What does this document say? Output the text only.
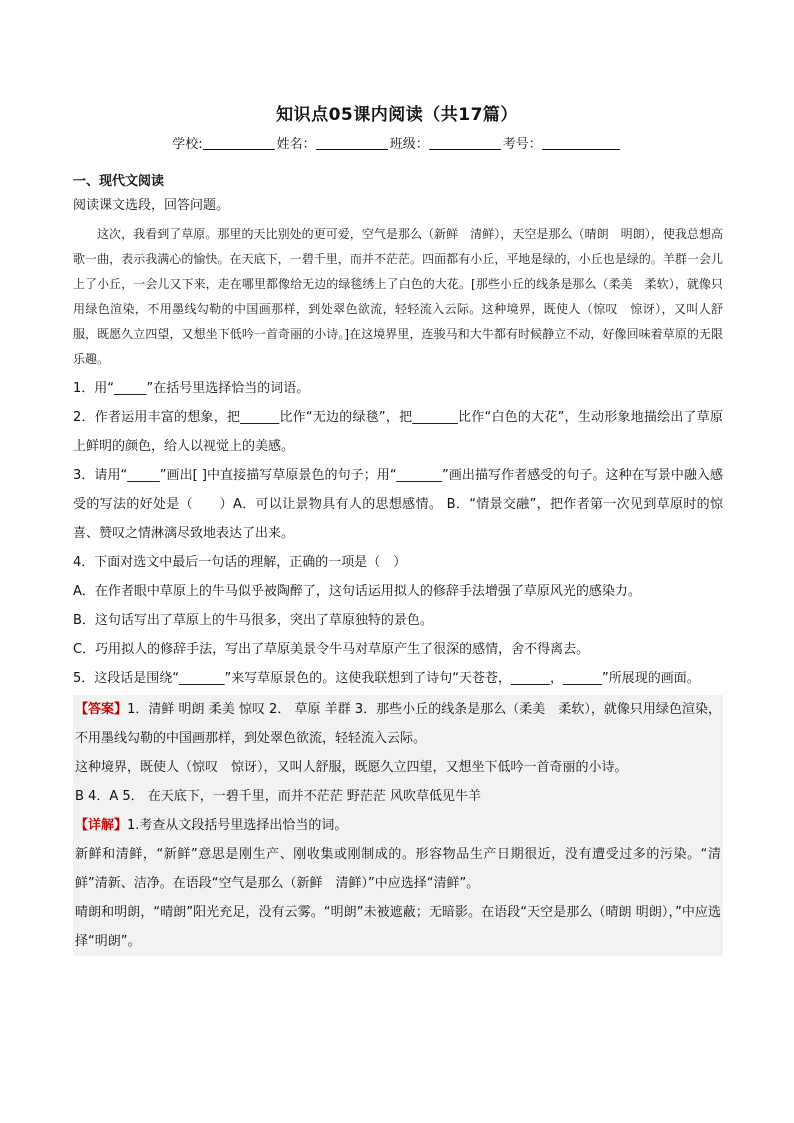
知识点05课内阅读（共17篇）
学校:	姓名：	班级：	考号：

一、现代文阅读

阅读课文选段，回答问题。

这次，我看到了草原。那里的天比别处的更可爱，空气是那么（新鲜　清鲜），天空是那么（晴朗　明朗），使我总想高歌一曲，表示我满心的愉快。在天底下，一碧千里，而并不茫茫。四面都有小丘，平地是绿的，小丘也是绿的。羊群一会儿上了小丘，一会儿又下来，走在哪里都像给无边的绿毯绣上了白色的大花。[那些小丘的线条是那么（柔美　柔软），就像只用绿色渲染，不用墨线勾勒的中国画那样，到处翠色欲流，轻轻流入云际。这种境界，既使人（惊叹　惊讶），又叫人舒服，既愿久立四望，又想坐下低吟一首奇丽的小诗。]在这境界里，连骏马和大牛都有时候静立不动，好像回味着草原的无限乐趣。

1．用“_____”在括号里选择恰当的词语。

2．作者运用丰富的想象，把______比作“无边的绿毯”，把_______比作“白色的大花”，生动形象地描绘出了草原上鲜明的颜色，给人以视觉上的美感。

3．请用“_____”画出[ ]中直接描写草原景色的句子；用“_______”画出描写作者感受的句子。这种在写景中融入感受的写法的好处是（　　）A．可以让景物具有人的思想感情。 B．“情景交融”，把作者第一次见到草原时的惊喜、赞叹之情淋漓尽致地表达了出来。

4．下面对选文中最后一句话的理解，正确的一项是（　）

A．在作者眼中草原上的牛马似乎被陶醉了，这句话运用拟人的修辞手法增强了草原风光的感染力。

B．这句话写出了草原上的牛马很多，突出了草原独特的景色。

C．巧用拟人的修辞手法，写出了草原美景令牛马对草原产生了很深的感情，舍不得离去。

5．这段话是围绕“_______”来写草原景色的。这使我联想到了诗句“天苍苍，______，______”所展现的画面。

【答案】1．清鲜 明朗 柔美 惊叹 2． 草原 羊群 3．那些小丘的线条是那么（柔美　柔软），就像只用绿色渲染，不用墨线勾勒的中国画那样，到处翠色欲流，轻轻流入云际。

这种境界，既使人（惊叹　惊讶），又叫人舒服，既愿久立四望，又想坐下低吟一首奇丽的小诗。

B 4．A 5． 在天底下，一碧千里，而并不茫茫 野茫茫 风吹草低见牛羊

【详解】1.考查从文段括号里选择出恰当的词。

新鲜和清鲜，“新鲜”意思是刚生产、刚收集或刚制成的。形容物品生产日期很近，没有遭受过多的污染。“清鲜”清新、洁净。在语段“空气是那么（新鲜　清鲜）”中应选择“清鲜”。

晴朗和明朗，“晴朗”阳光充足，没有云雾。“明朗”未被遮蔽；无暗影。在语段“天空是那么（晴朗 明朗），”中应选择“明朗”。
